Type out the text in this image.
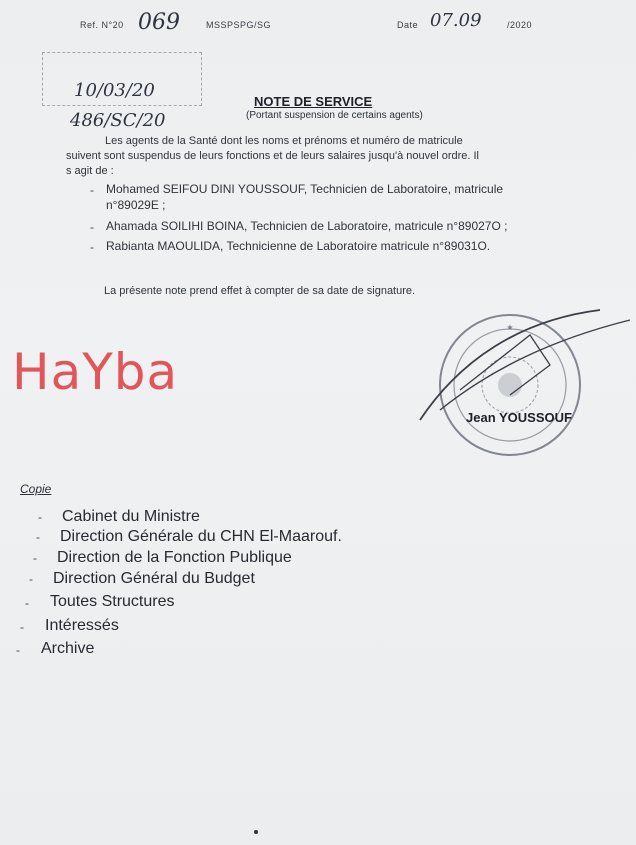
Ref. N°20 069	MSSPSPG/SG	Date 07.09	/2020
10/03/20
486/SC/20
NOTE DE SERVICE
(Portant suspension de certains agents)
Les agents de la Santé dont les noms et prénoms et numéro de matricule
suivent sont suspendus de leurs fonctions et de leurs salaires jusqu'à nouvel ordre. Il
s agit de :
- Mohamed SEIFOU DINI YOUSSOUF, Technicien de Laboratoire, matricule
n°89029E ;
- Ahamada SOILIHI BOINA, Technicien de Laboratoire, matricule n°89027O ;
- Rabianta MAOULIDA, Technicienne de Laboratoire matricule n°89031O.
La présente note prend effet à compter de sa date de signature.
HaYba
★
Jean YOUSSOUF
Copie
- Cabinet du Ministre
- Direction Générale du CHN El-Maarouf.
- Direction de la Fonction Publique
- Direction Général du Budget
- Toutes Structures
- Intéressés
- Archive
